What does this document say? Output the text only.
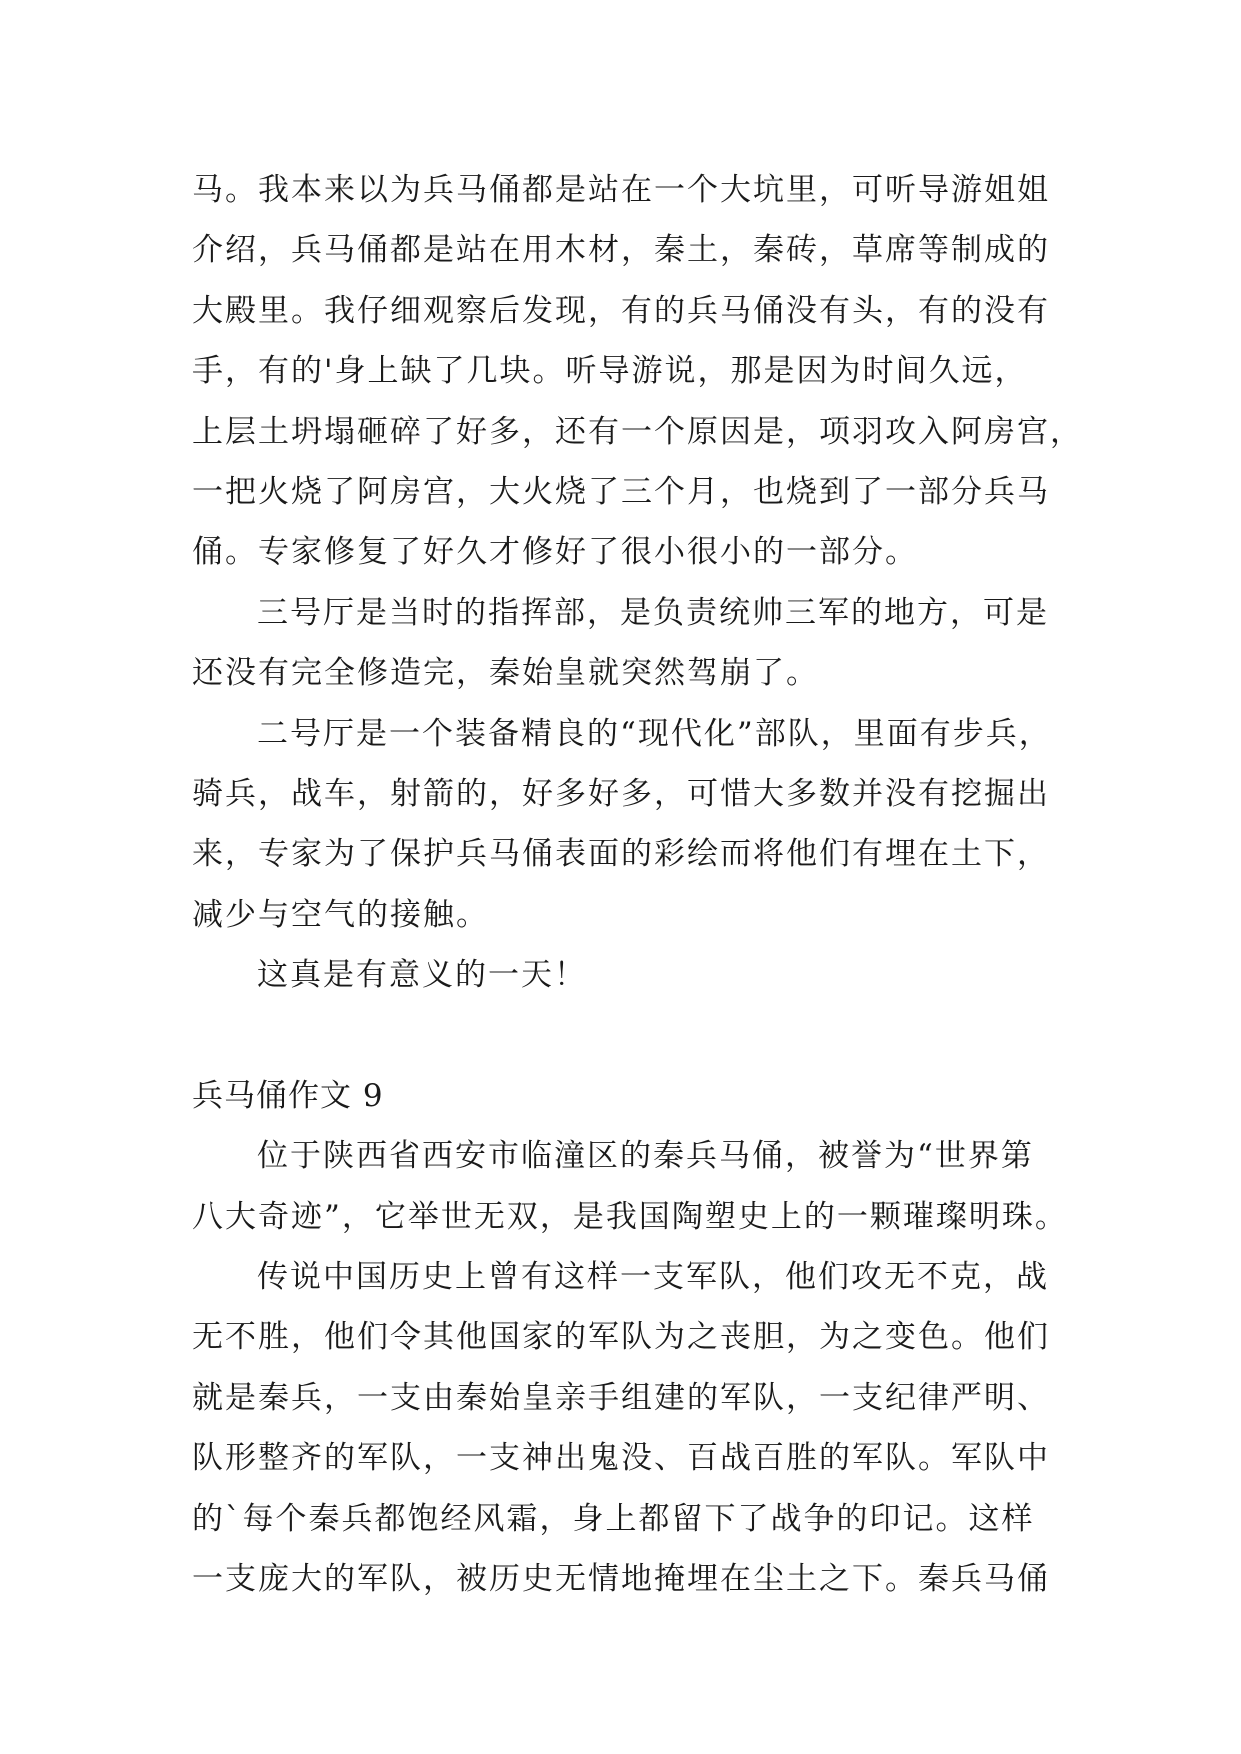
马。我本来以为兵马俑都是站在一个大坑里，可听导游姐姐
介绍，兵马俑都是站在用木材，秦土，秦砖，草席等制成的
大殿里。我仔细观察后发现，有的兵马俑没有头，有的没有
手，有的'身上缺了几块。听导游说，那是因为时间久远，
上层土坍塌砸碎了好多，还有一个原因是，项羽攻入阿房宫，
一把火烧了阿房宫，大火烧了三个月，也烧到了一部分兵马
俑。专家修复了好久才修好了很小很小的一部分。
三号厅是当时的指挥部，是负责统帅三军的地方，可是
还没有完全修造完，秦始皇就突然驾崩了。
二号厅是一个装备精良的“现代化”部队，里面有步兵，
骑兵，战车，射箭的，好多好多，可惜大多数并没有挖掘出
来，专家为了保护兵马俑表面的彩绘而将他们有埋在土下，
减少与空气的接触。
这真是有意义的一天！
兵马俑作文 9
位于陕西省西安市临潼区的秦兵马俑，被誉为“世界第
八大奇迹”，它举世无双，是我国陶塑史上的一颗璀璨明珠。
传说中国历史上曾有这样一支军队，他们攻无不克，战
无不胜，他们令其他国家的军队为之丧胆，为之变色。他们
就是秦兵，一支由秦始皇亲手组建的军队，一支纪律严明、
队形整齐的军队，一支神出鬼没、百战百胜的军队。军队中
的`每个秦兵都饱经风霜，身上都留下了战争的印记。这样
一支庞大的军队，被历史无情地掩埋在尘土之下。秦兵马俑
